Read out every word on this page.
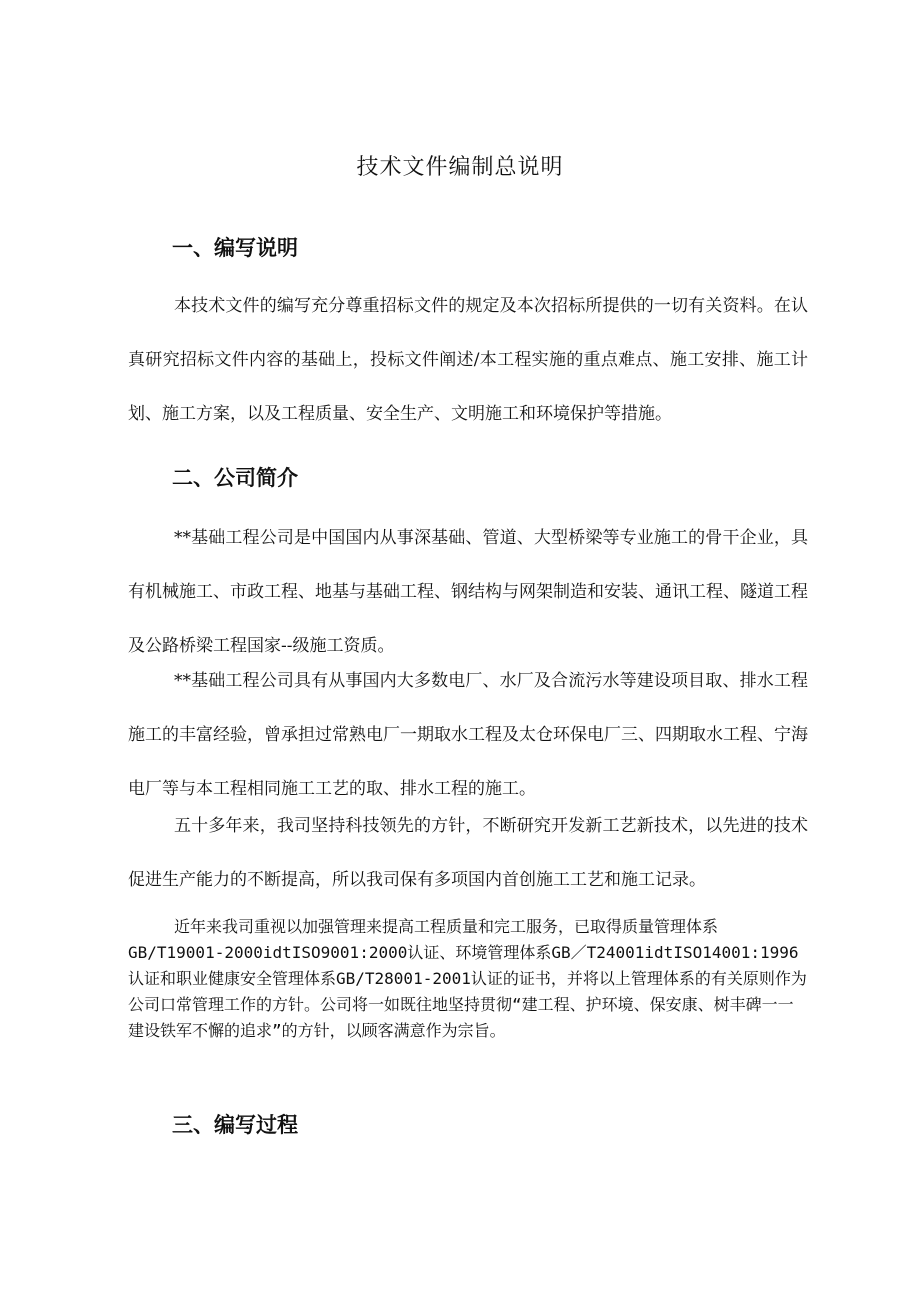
技术文件编制总说明
一、编写说明
本技术文件的编写充分尊重招标文件的规定及本次招标所提供的一切有关资料。在认真研究招标文件内容的基础上，投标文件阐述/本工程实施的重点难点、施工安排、施工计划、施工方案，以及工程质量、安全生产、文明施工和环境保护等措施。
二、公司简介
**基础工程公司是中国国内从事深基础、管道、大型桥梁等专业施工的骨干企业，具有机械施工、市政工程、地基与基础工程、钢结构与网架制造和安装、通讯工程、隧道工程及公路桥梁工程国家--级施工资质。
**基础工程公司具有从事国内大多数电厂、水厂及合流污水等建设项目取、排水工程施工的丰富经验，曾承担过常熟电厂一期取水工程及太仓环保电厂三、四期取水工程、宁海电厂等与本工程相同施工工艺的取、排水工程的施工。
五十多年来，我司坚持科技领先的方针，不断研究开发新工艺新技术，以先进的技术促进生产能力的不断提高，所以我司保有多项国内首创施工工艺和施工记录。
近年来我司重视以加强管理来提高工程质量和完工服务，已取得质量管理体系GB/T19001-2000idtISO9001:2000认证、环境管理体系GB／T24001idtISO14001:1996认证和职业健康安全管理体系GB/T28001-2001认证的证书，并将以上管理体系的有关原则作为公司口常管理工作的方针。公司将一如既往地坚持贯彻“建工程、护环境、保安康、树丰碑一一建设铁军不懈的追求”的方针，以顾客满意作为宗旨。
三、编写过程
